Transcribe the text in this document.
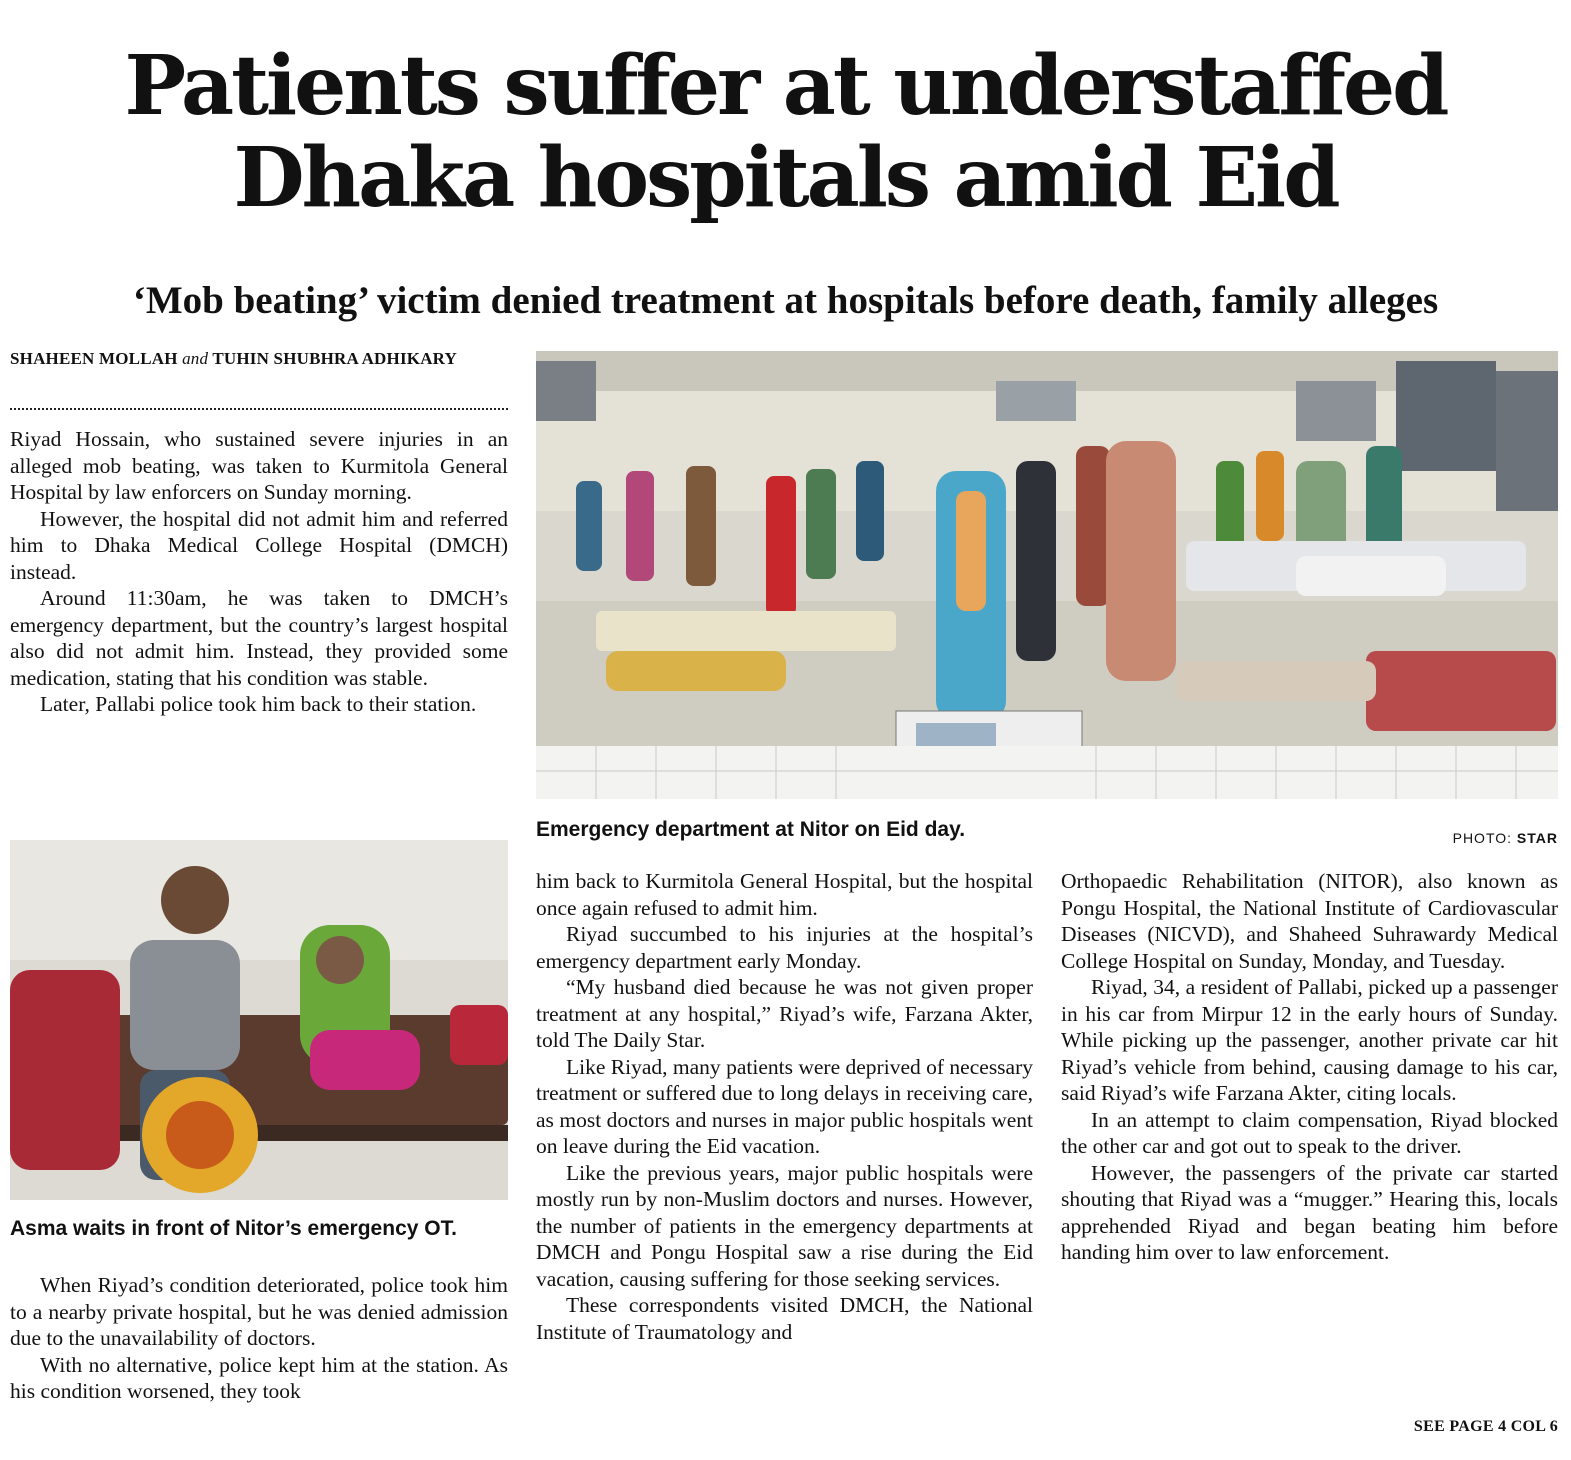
Patients suffer at understaffed
Dhaka hospitals amid Eid
‘Mob beating’ victim denied treatment at hospitals before death, family alleges
SHAHEEN MOLLAH and TUHIN SHUBHRA ADHIKARY

Riyad Hossain, who sustained severe injuries in an alleged mob beating, was taken to Kurmitola General Hospital by law enforcers on Sunday morning.

However, the hospital did not admit him and referred him to Dhaka Medical College Hospital (DMCH) instead.

Around 11:30am, he was taken to DMCH’s emergency department, but the country’s largest hospital also did not admit him. Instead, they provided some medication, stating that his condition was stable.

Later, Pallabi police took him back to their station.

Emergency department at Nitor on Eid day.	PHOTO: STAR
Asma waits in front of Nitor’s emergency OT.

When Riyad’s condition deteriorated, police took him to a nearby private hospital, but he was denied admission due to the unavailability of doctors.

With no alternative, police kept him at the station. As his condition worsened, they took

him back to Kurmitola General Hospital, but the hospital once again refused to admit him.

Riyad succumbed to his injuries at the hospital’s emergency department early Monday.

“My husband died because he was not given proper treatment at any hospital,” Riyad’s wife, Farzana Akter, told The Daily Star.

Like Riyad, many patients were deprived of necessary treatment or suffered due to long delays in receiving care, as most doctors and nurses in major public hospitals went on leave during the Eid vacation.

Like the previous years, major public hospitals were mostly run by non-Muslim doctors and nurses. However, the number of patients in the emergency departments at DMCH and Pongu Hospital saw a rise during the Eid vacation, causing suffering for those seeking services.

These correspondents visited DMCH, the National Institute of Traumatology and

Orthopaedic Rehabilitation (NITOR), also known as Pongu Hospital, the National Institute of Cardiovascular Diseases (NICVD), and Shaheed Suhrawardy Medical College Hospital on Sunday, Monday, and Tuesday.

Riyad, 34, a resident of Pallabi, picked up a passenger in his car from Mirpur 12 in the early hours of Sunday. While picking up the passenger, another private car hit Riyad’s vehicle from behind, causing damage to his car, said Riyad’s wife Farzana Akter, citing locals.

In an attempt to claim compensation, Riyad blocked the other car and got out to speak to the driver.

However, the passengers of the private car started shouting that Riyad was a “mugger.” Hearing this, locals apprehended Riyad and began beating him before handing him over to law enforcement.

SEE PAGE 4 COL 6
